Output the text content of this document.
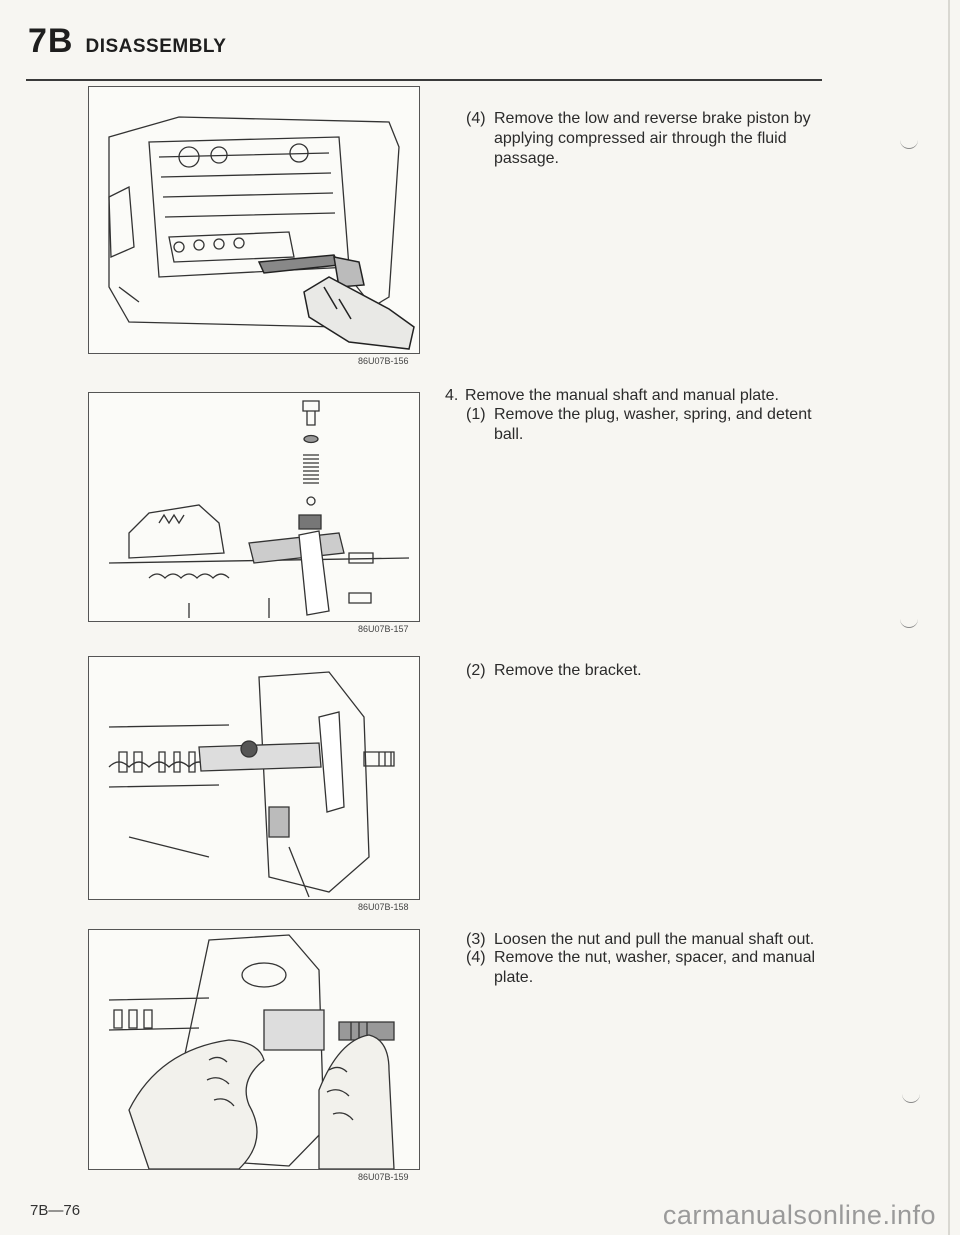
7B DISASSEMBLY
86U07B-156
86U07B-157
86U07B-158
86U07B-159
(4) Remove the low and reverse brake piston by applying compressed air through the fluid passage.
4. Remove the manual shaft and manual plate.
(1) Remove the plug, washer, spring, and detent ball.
(2) Remove the bracket.
(3) Loosen the nut and pull the manual shaft out.
(4) Remove the nut, washer, spacer, and manual plate.
7B—76	carmanualsonline.info
